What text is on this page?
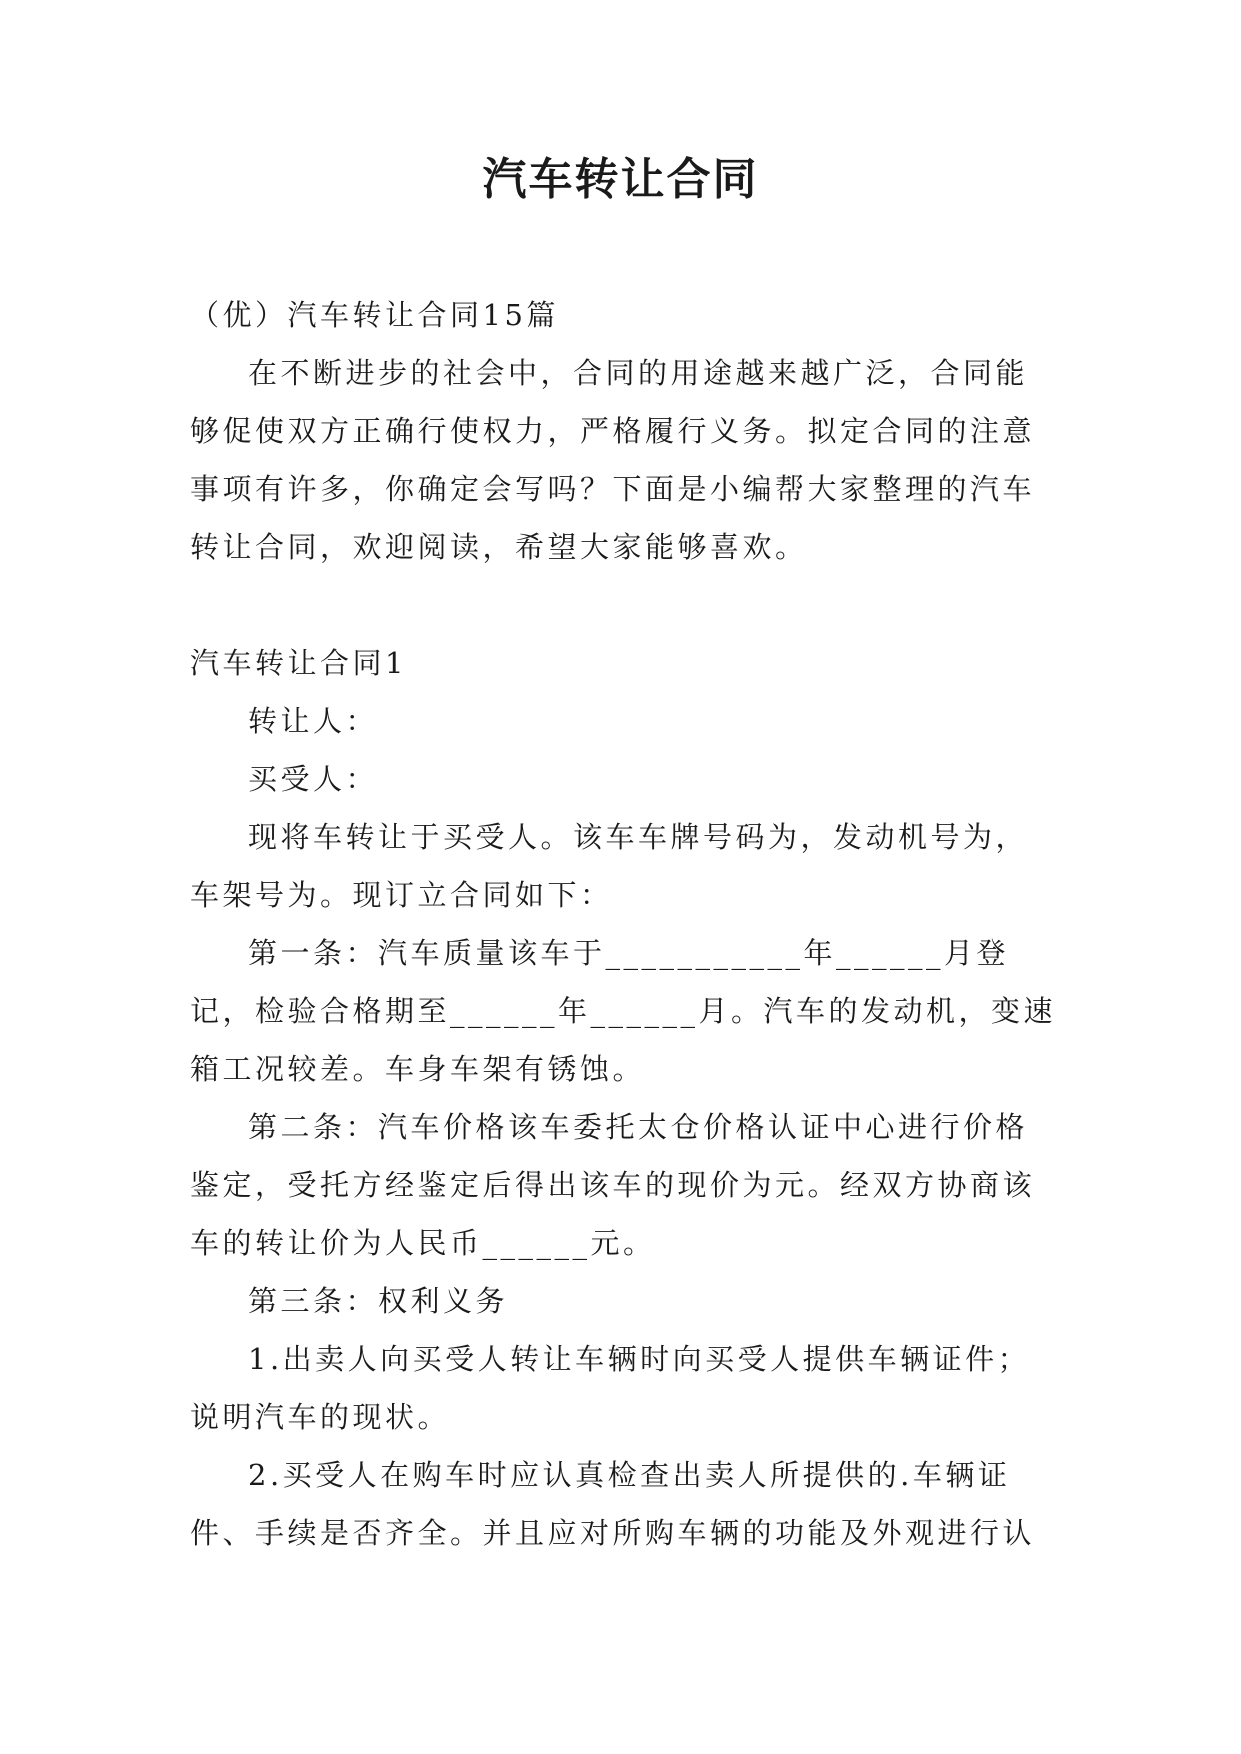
汽车转让合同

（优）汽车转让合同15篇

在不断进步的社会中，合同的用途越来越广泛，合同能够促使双方正确行使权力，严格履行义务。拟定合同的注意事项有许多，你确定会写吗？下面是小编帮大家整理的汽车转让合同，欢迎阅读，希望大家能够喜欢。

汽车转让合同1

转让人：

买受人：

现将车转让于买受人。该车车牌号码为，发动机号为，车架号为。现订立合同如下：

第一条：汽车质量该车于___________年______月登记，检验合格期至______年______月。汽车的发动机，变速箱工况较差。车身车架有锈蚀。

第二条：汽车价格该车委托太仓价格认证中心进行价格鉴定，受托方经鉴定后得出该车的现价为元。经双方协商该车的转让价为人民币______元。

第三条：权利义务

1.出卖人向买受人转让车辆时向买受人提供车辆证件；说明汽车的现状。

2.买受人在购车时应认真检查出卖人所提供的.车辆证件、手续是否齐全。并且应对所购车辆的功能及外观进行认
